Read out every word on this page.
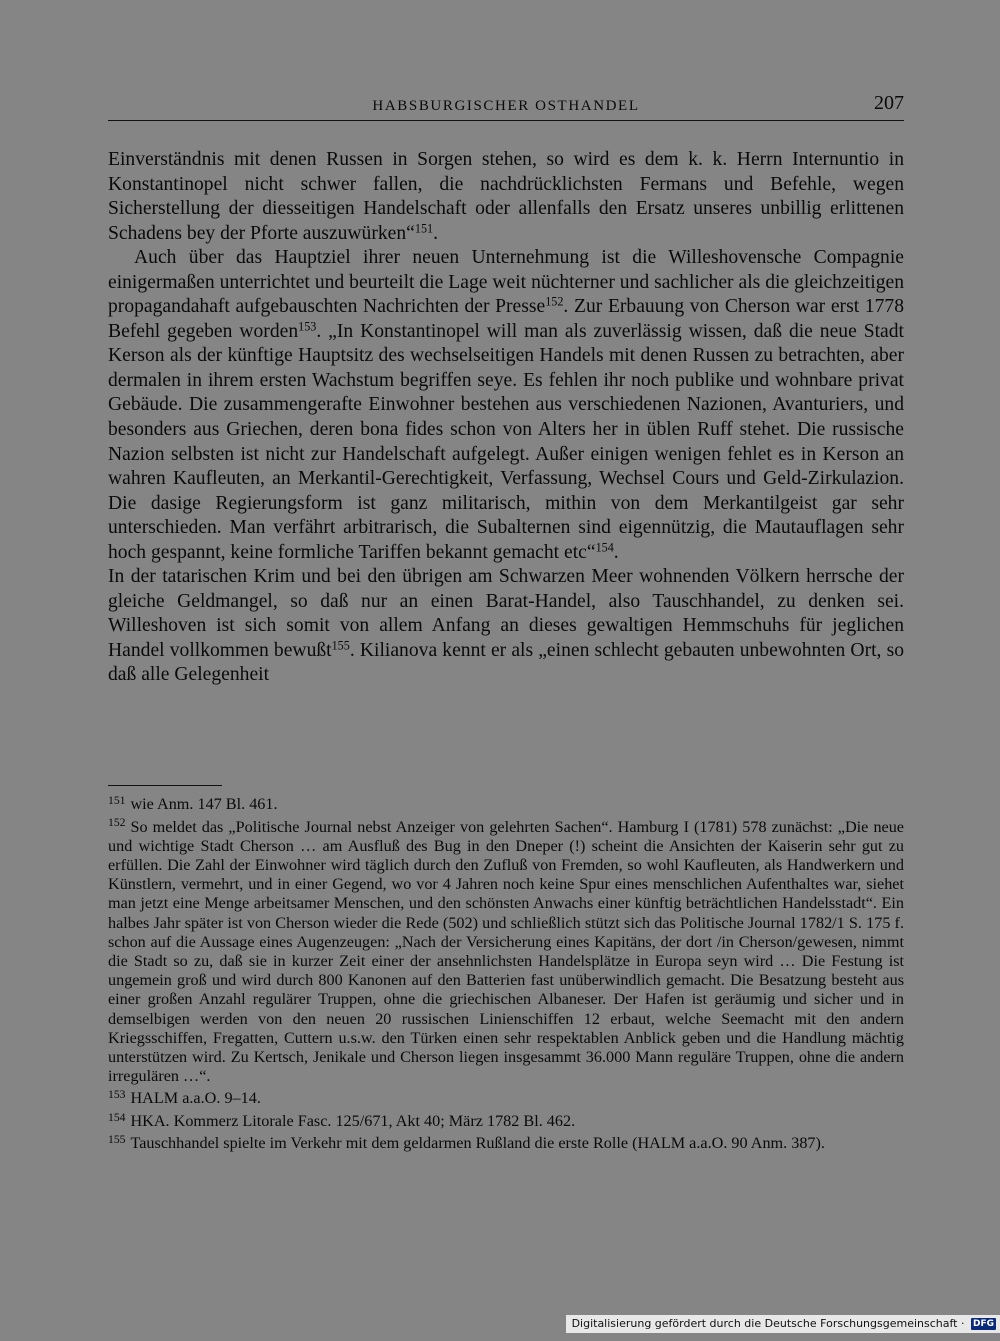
HABSBURGISCHER OSTHANDEL	207

Einverständnis mit denen Russen in Sorgen stehen, so wird es dem k. k. Herrn Internuntio in Konstantinopel nicht schwer fallen, die nachdrücklichsten Fermans und Befehle, wegen Sicherstellung der diesseitigen Handelschaft oder allenfalls den Ersatz unseres unbillig erlittenen Schadens bey der Pforte auszuwürken“$^{151}$.

Auch über das Hauptziel ihrer neuen Unternehmung ist die Willeshovensche Compagnie einigermaßen unterrichtet und beurteilt die Lage weit nüchterner und sachlicher als die gleichzeitigen propagandahaft aufgebauschten Nachrichten der Presse$^{152}$. Zur Erbauung von Cherson war erst 1778 Befehl gegeben worden$^{153}$. „In Konstantinopel will man als zuverlässig wissen, daß die neue Stadt Kerson als der künftige Hauptsitz des wechselseitigen Handels mit denen Russen zu betrachten, aber dermalen in ihrem ersten Wachstum begriffen seye. Es fehlen ihr noch publike und wohnbare privat Gebäude. Die zusammengerafte Einwohner bestehen aus verschiedenen Nazionen, Avanturiers, und besonders aus Griechen, deren bona fides schon von Alters her in üblen Ruff stehet. Die russische Nazion selbsten ist nicht zur Handelschaft aufgelegt. Außer einigen wenigen fehlet es in Kerson an wahren Kaufleuten, an Merkantil-Gerechtigkeit, Verfassung, Wechsel Cours und Geld-Zirkulazion. Die dasige Regierungsform ist ganz militarisch, mithin von dem Merkantilgeist gar sehr unterschieden. Man verfährt arbitrarisch, die Subalternen sind eigennützig, die Mautauflagen sehr hoch gespannt, keine formliche Tariffen bekannt gemacht etc“$^{154}$.

In der tatarischen Krim und bei den übrigen am Schwarzen Meer wohnenden Völkern herrsche der gleiche Geldmangel, so daß nur an einen Barat-Handel, also Tauschhandel, zu denken sei. Willeshoven ist sich somit von allem Anfang an dieses gewaltigen Hemmschuhs für jeglichen Handel vollkommen bewußt$^{155}$. Kilianova kennt er als „einen schlecht gebauten unbewohnten Ort, so daß alle Gelegenheit

$^{151}$ wie Anm. 147 Bl. 461.
$^{152}$ So meldet das „Politische Journal nebst Anzeiger von gelehrten Sachen“. Hamburg I (1781) 578 zunächst: „Die neue und wichtige Stadt Cherson … am Ausfluß des Bug in den Dneper (!) scheint die Ansichten der Kaiserin sehr gut zu erfüllen. Die Zahl der Einwohner wird täglich durch den Zufluß von Fremden, so wohl Kaufleuten, als Handwerkern und Künstlern, vermehrt, und in einer Gegend, wo vor 4 Jahren noch keine Spur eines menschlichen Aufenthaltes war, siehet man jetzt eine Menge arbeitsamer Menschen, und den schönsten Anwachs einer künftig beträchtlichen Handelsstadt“. Ein halbes Jahr später ist von Cherson wieder die Rede (502) und schließlich stützt sich das Politische Journal 1782/1 S. 175 f. schon auf die Aussage eines Augenzeugen: „Nach der Versicherung eines Kapitäns, der dort /in Cherson/gewesen, nimmt die Stadt so zu, daß sie in kurzer Zeit einer der ansehnlichsten Handelsplätze in Europa seyn wird … Die Festung ist ungemein groß und wird durch 800 Kanonen auf den Batterien fast unüberwindlich gemacht. Die Besatzung besteht aus einer großen Anzahl regulärer Truppen, ohne die griechischen Albaneser. Der Hafen ist geräumig und sicher und in demselbigen werden von den neuen 20 russischen Linienschiffen 12 erbaut, welche Seemacht mit den andern Kriegsschiffen, Fregatten, Cuttern u.s.w. den Türken einen sehr respektablen Anblick geben und die Handlung mächtig unterstützen wird. Zu Kertsch, Jenikale und Cherson liegen insgesammt 36.000 Mann reguläre Truppen, ohne die andern irregulären …“.
$^{153}$ HALM a.a.O. 9–14.
$^{154}$ HKA. Kommerz Litorale Fasc. 125/671, Akt 40; März 1782 Bl. 462.
$^{155}$ Tauschhandel spielte im Verkehr mit dem geldarmen Rußland die erste Rolle (HALM a.a.O. 90 Anm. 387).
Digitalisierung gefördert durch die Deutsche Forschungsgemeinschaft · DFG
